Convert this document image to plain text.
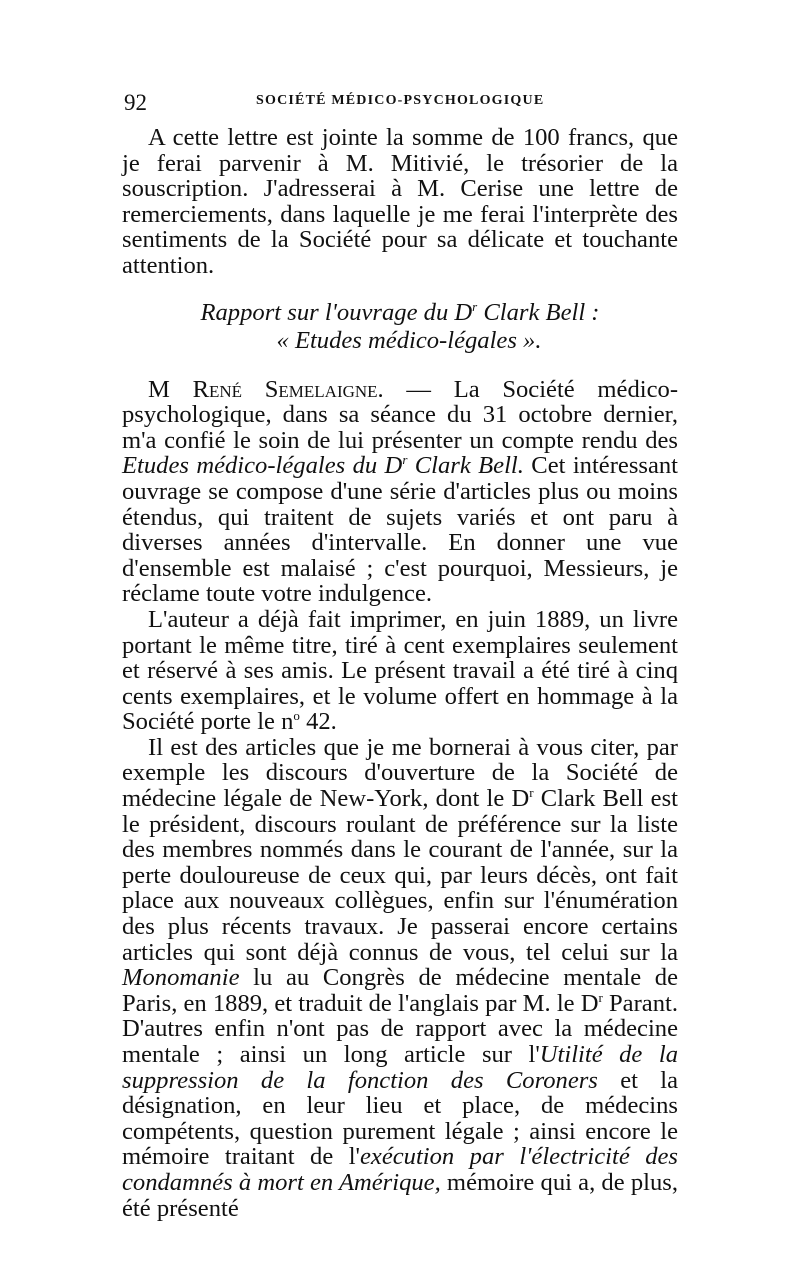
92	SOCIÉTÉ MÉDICO-PSYCHOLOGIQUE

A cette lettre est jointe la somme de 100 francs, que je ferai parvenir à M. Mitivié, le trésorier de la souscription. J'adresserai à M. Cerise une lettre de remerciements, dans laquelle je me ferai l'interprète des sentiments de la Société pour sa délicate et touchante attention.

Rapport sur l'ouvrage du $D^r$ Clark Bell :
« Etudes médico-légales ».

M René Semelaigne. — La Société médico-psychologique, dans sa séance du 31 octobre dernier, m'a confié le soin de lui présenter un compte rendu des Etudes médico-légales du $D^r$ Clark Bell. Cet intéressant ouvrage se compose d'une série d'articles plus ou moins étendus, qui traitent de sujets variés et ont paru à diverses années d'intervalle. En donner une vue d'ensemble est malaisé ; c'est pourquoi, Messieurs, je réclame toute votre indulgence.

L'auteur a déjà fait imprimer, en juin 1889, un livre portant le même titre, tiré à cent exemplaires seulement et réservé à ses amis. Le présent travail a été tiré à cinq cents exemplaires, et le volume offert en hommage à la Société porte le $n^o$ 42.

Il est des articles que je me bornerai à vous citer, par exemple les discours d'ouverture de la Société de médecine légale de New-York, dont le $D^r$ Clark Bell est le président, discours roulant de préférence sur la liste des membres nommés dans le courant de l'année, sur la perte douloureuse de ceux qui, par leurs décès, ont fait place aux nouveaux collègues, enfin sur l'énumération des plus récents travaux. Je passerai encore certains articles qui sont déjà connus de vous, tel celui sur la Monomanie lu au Congrès de médecine mentale de Paris, en 1889, et traduit de l'anglais par M. le $D^r$ Parant. D'autres enfin n'ont pas de rapport avec la médecine mentale ; ainsi un long article sur l'Utilité de la suppression de la fonction des Coroners et la désignation, en leur lieu et place, de médecins compétents, question purement légale ; ainsi encore le mémoire traitant de l'exécution par l'électricité des condamnés à mort en Amérique, mémoire qui a, de plus, été présenté
